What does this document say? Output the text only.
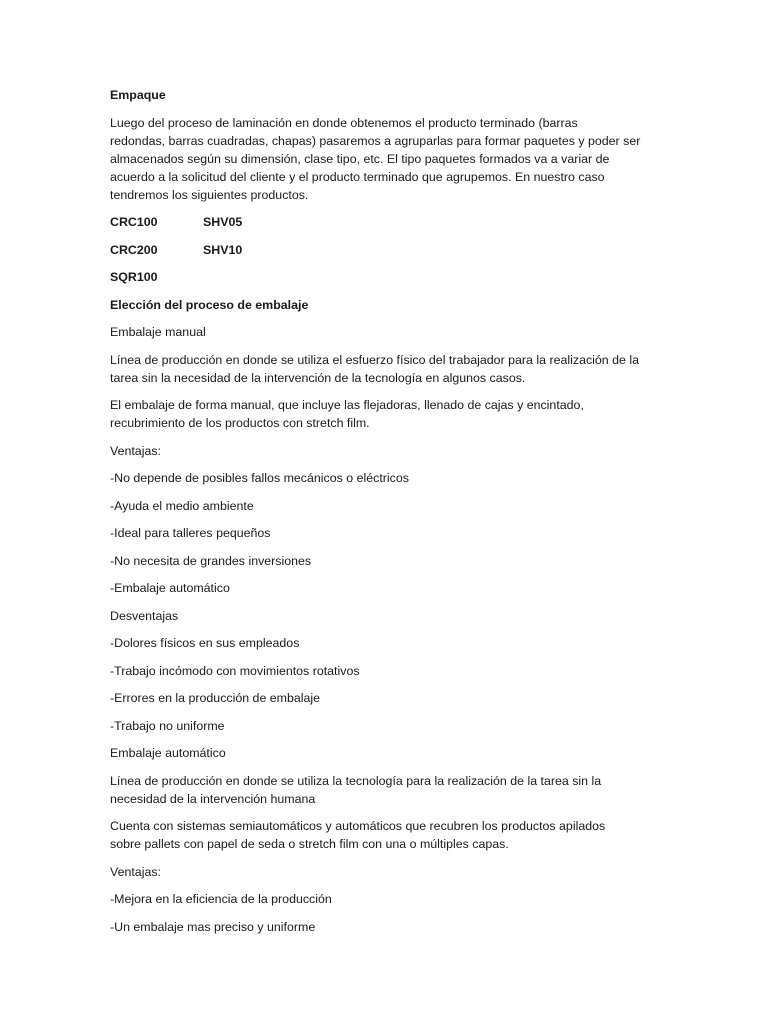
Empaque

Luego del proceso de laminación en donde obtenemos el producto terminado (barras
redondas, barras cuadradas, chapas) pasaremos a agruparlas para formar paquetes y poder ser
almacenados según su dimensión, clase tipo, etc. El tipo paquetes formados va a variar de
acuerdo a la solicitud del cliente y el producto terminado que agrupemos. En nuestro caso
tendremos los siguientes productos.

CRC100	SHV05
CRC200	SHV10
SQR100

Elección del proceso de embalaje

Embalaje manual

Línea de producción en donde se utiliza el esfuerzo físico del trabajador para la realización de la
tarea sin la necesidad de la intervención de la tecnología en algunos casos.

El embalaje de forma manual, que incluye las flejadoras, llenado de cajas y encintado,
recubrimiento de los productos con stretch film.

Ventajas:

-No depende de posibles fallos mecánicos o eléctricos

-Ayuda el medio ambiente

-Ideal para talleres pequeños

-No necesita de grandes inversiones

-Embalaje automático

Desventajas

-Dolores físicos en sus empleados

-Trabajo incómodo con movimientos rotativos

-Errores en la producción de embalaje

-Trabajo no uniforme

Embalaje automático

Línea de producción en donde se utiliza la tecnología para la realización de la tarea sin la
necesidad de la intervención humana

Cuenta con sistemas semiautomáticos y automáticos que recubren los productos apilados
sobre pallets con papel de seda o stretch film con una o múltiples capas.

Ventajas:

-Mejora en la eficiencia de la producción

-Un embalaje mas preciso y uniforme
